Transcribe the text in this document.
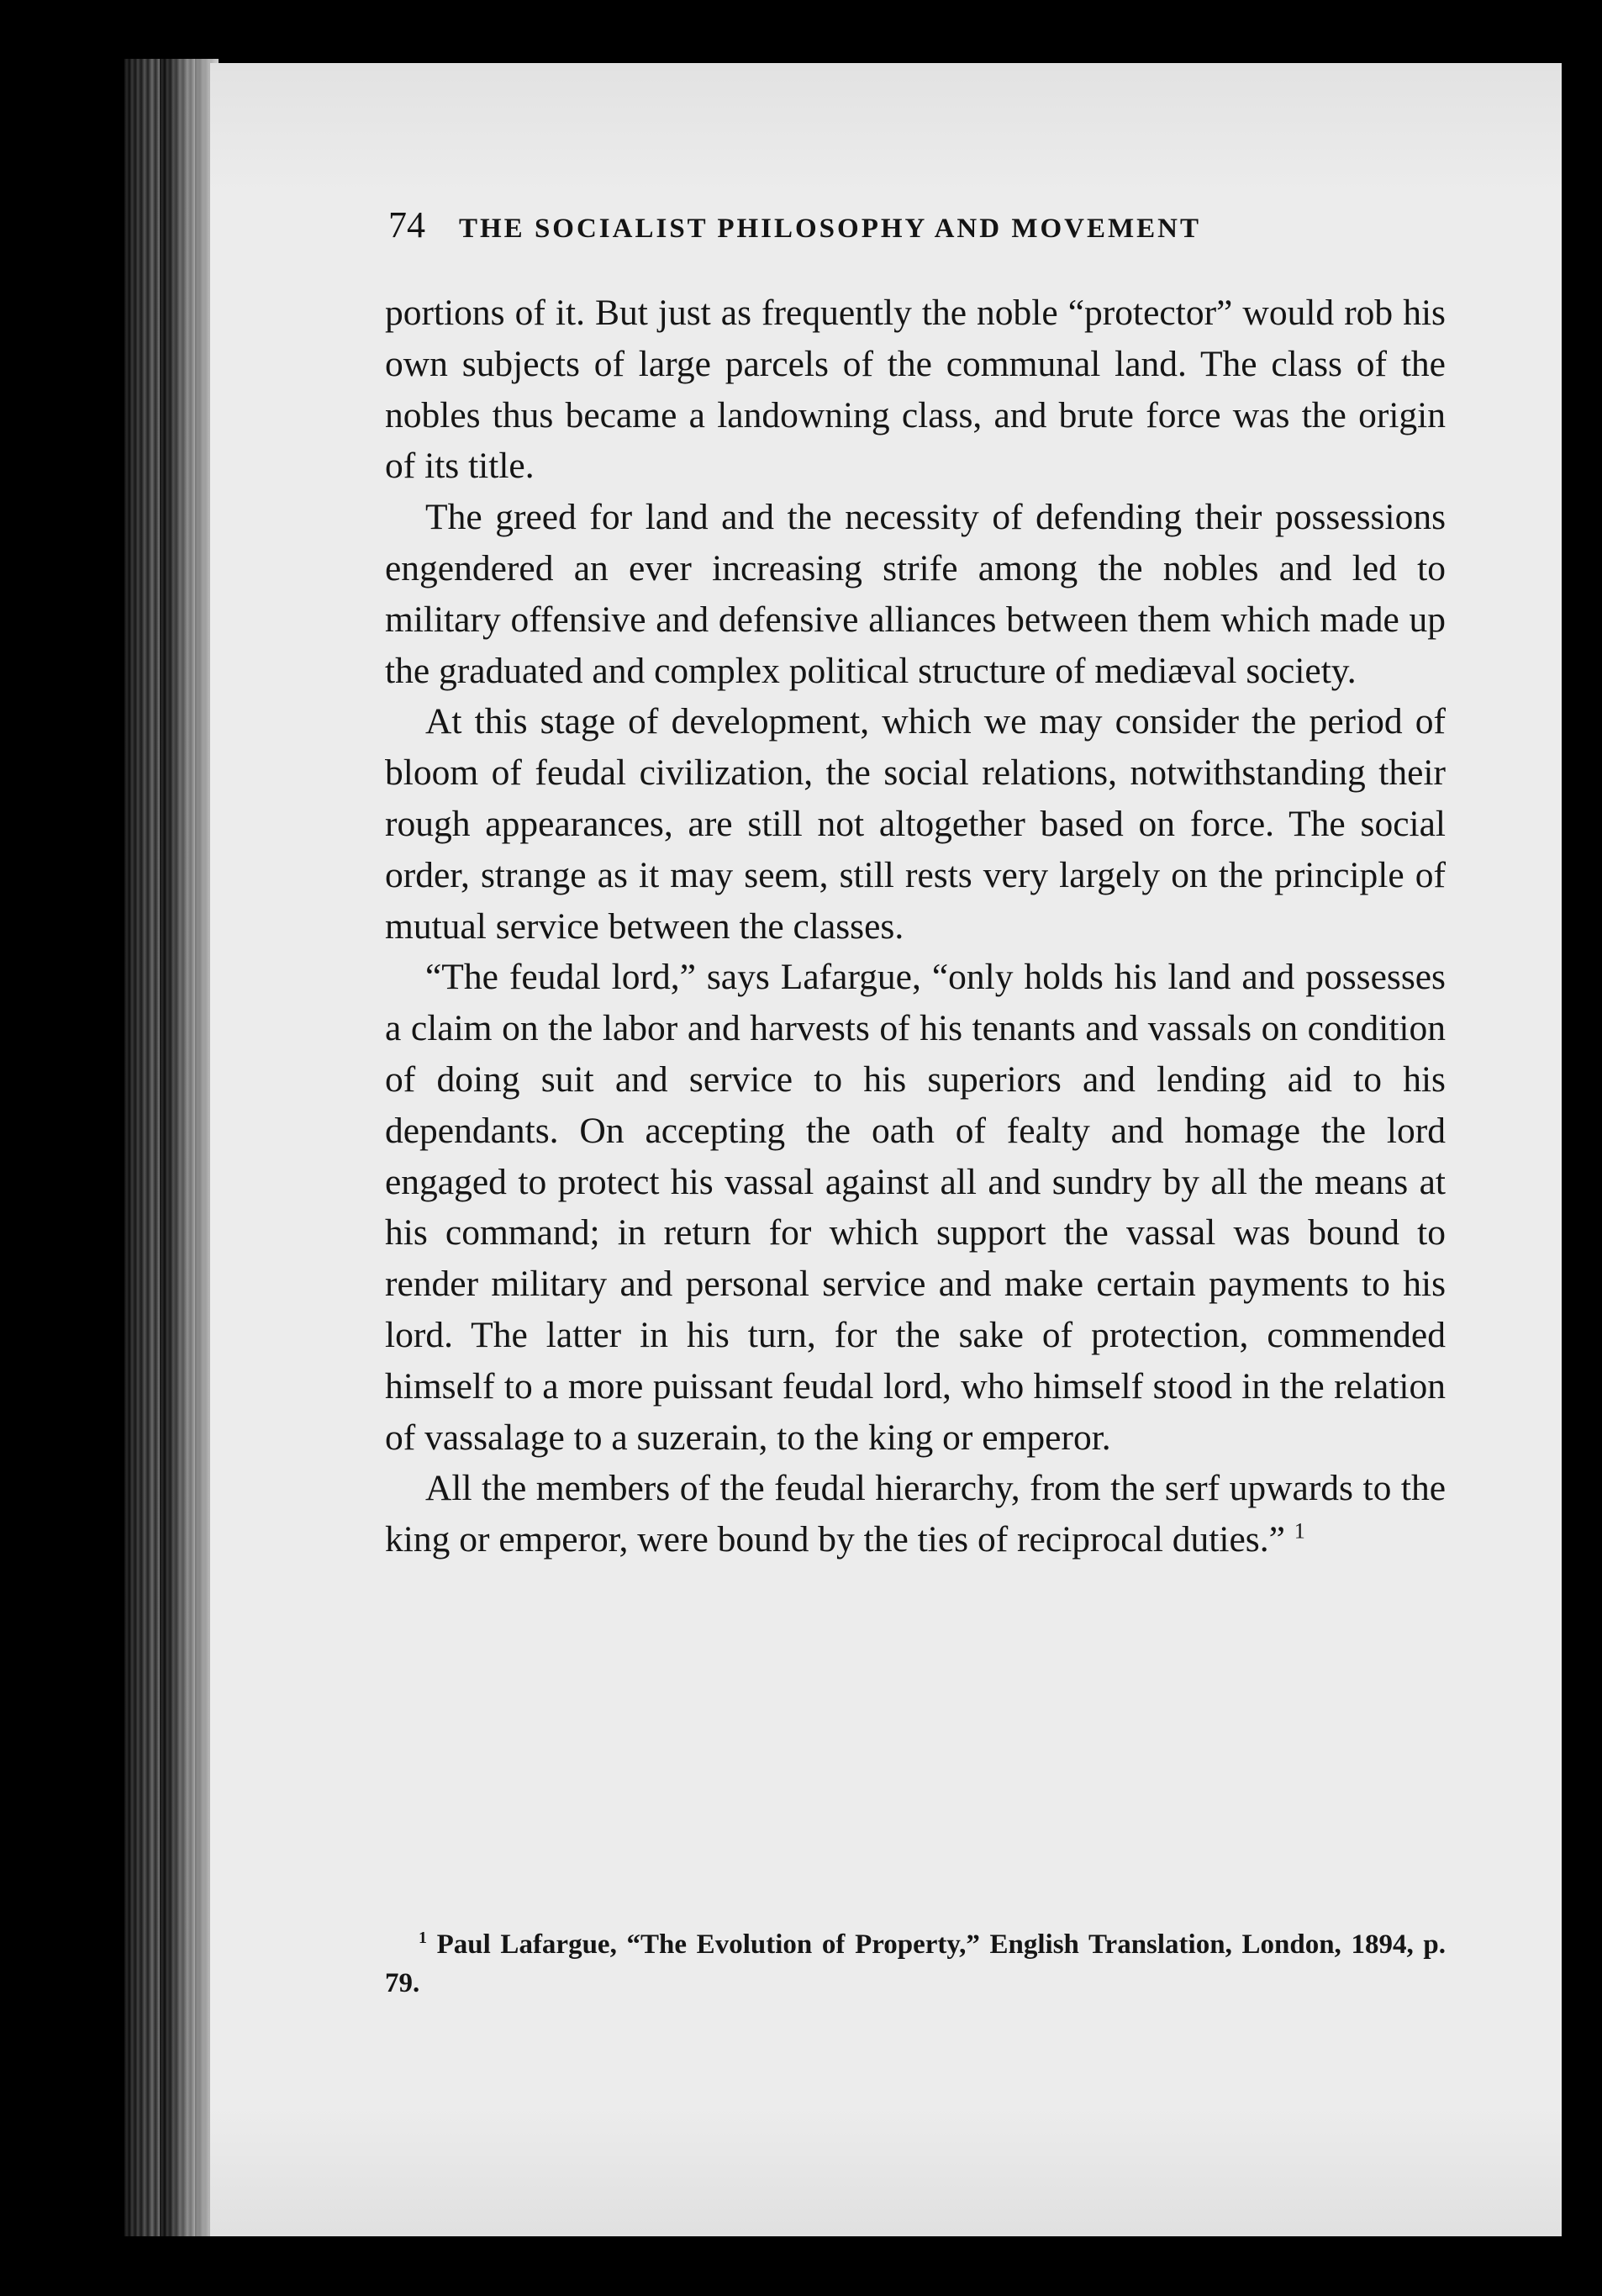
74 THE SOCIALIST PHILOSOPHY AND MOVEMENT

portions of it. But just as frequently the noble “protector” would rob his own subjects of large parcels of the communal land. The class of the nobles thus became a landowning class, and brute force was the origin of its title.

The greed for land and the necessity of defending their possessions engendered an ever increasing strife among the nobles and led to military offensive and defensive alliances between them which made up the graduated and complex political structure of mediæval society.

At this stage of development, which we may consider the period of bloom of feudal civilization, the social relations, notwithstanding their rough appearances, are still not altogether based on force. The social order, strange as it may seem, still rests very largely on the principle of mutual service between the classes.

“The feudal lord,” says Lafargue, “only holds his land and possesses a claim on the labor and harvests of his tenants and vassals on condition of doing suit and service to his superiors and lending aid to his dependants. On accepting the oath of fealty and homage the lord engaged to protect his vassal against all and sundry by all the means at his command; in return for which support the vassal was bound to render military and personal service and make certain payments to his lord. The latter in his turn, for the sake of protection, commended himself to a more puissant feudal lord, who himself stood in the relation of vassalage to a suzerain, to the king or emperor.

All the members of the feudal hierarchy, from the serf upwards to the king or emperor, were bound by the ties of reciprocal duties.” $^1$

$^1$ Paul Lafargue, “The Evolution of Property,” English Translation, London, 1894, p. 79.
